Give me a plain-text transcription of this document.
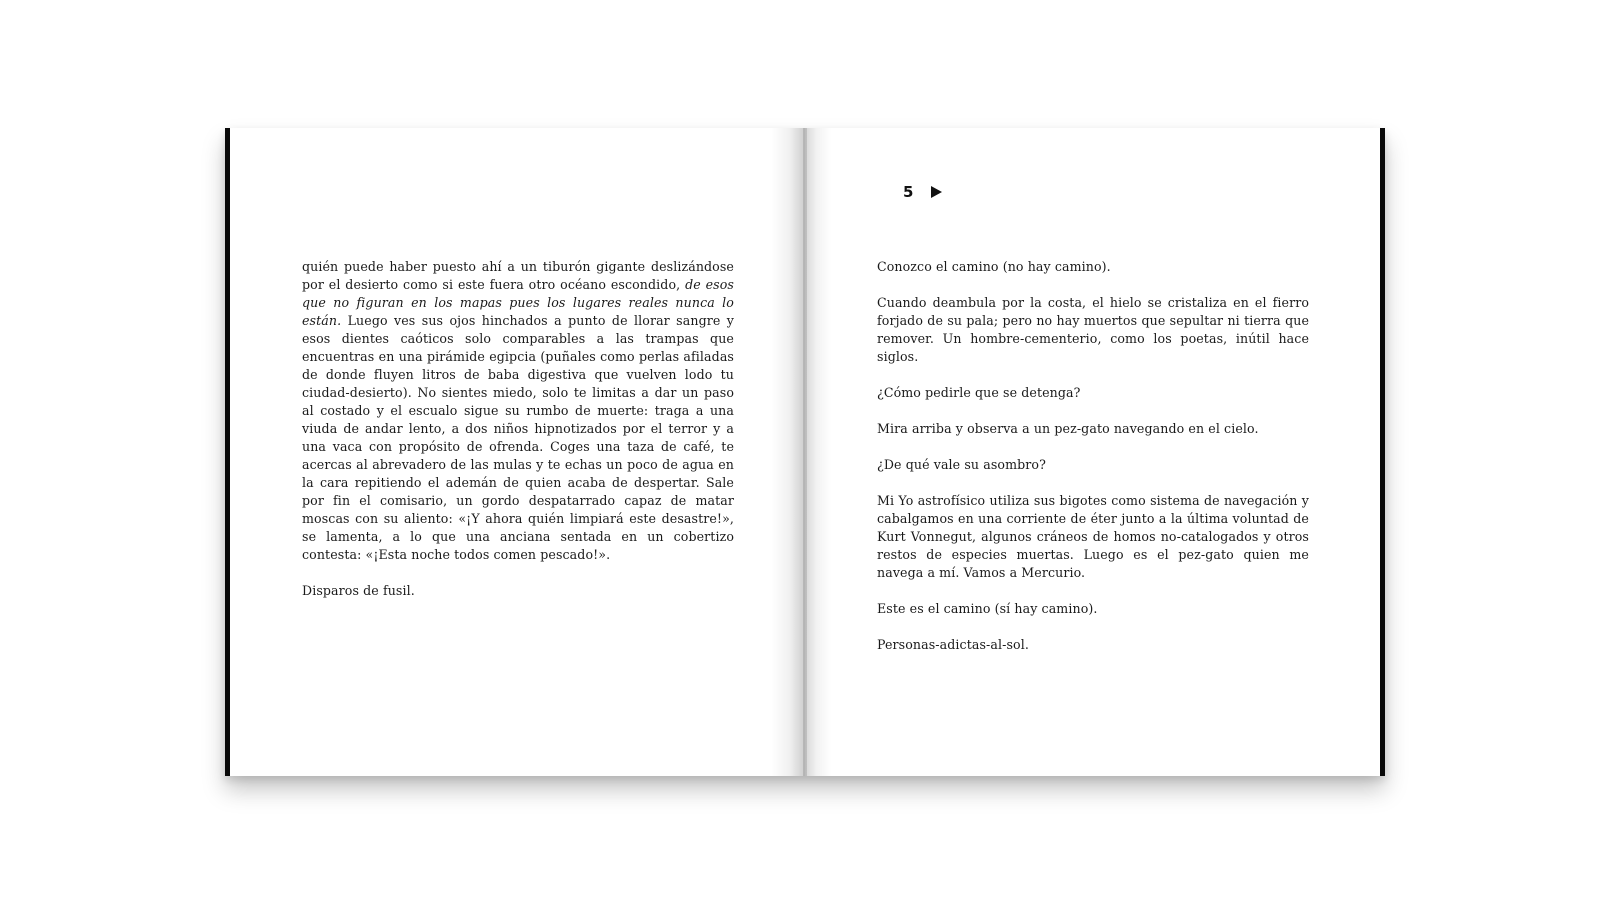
quién puede haber puesto ahí a un tiburón gigante deslizándose por el desierto como si este fuera otro océano escondido, de esos que no figuran en los mapas pues los lugares reales nunca lo están. Luego ves sus ojos hinchados a punto de llorar sangre y esos dientes caóticos solo comparables a las trampas que encuentras en una pirámide egipcia (puñales como perlas afiladas de donde fluyen litros de baba digestiva que vuelven lodo tu ciudad-desierto). No sientes miedo, solo te limitas a dar un paso al costado y el escualo sigue su rumbo de muerte: traga a una viuda de andar lento, a dos niños hipnotizados por el terror y a una vaca con propósito de ofrenda. Coges una taza de café, te acercas al abrevadero de las mulas y te echas un poco de agua en la cara repitiendo el ademán de quien acaba de despertar. Sale por fin el comisario, un gordo despatarrado capaz de matar moscas con su aliento: «¡Y ahora quién limpiará este desastre!», se lamenta, a lo que una anciana sentada en un cobertizo contesta: «¡Esta noche todos comen pescado!».

Disparos de fusil.

5

Conozco el camino (no hay camino).

Cuando deambula por la costa, el hielo se cristaliza en el fierro forjado de su pala; pero no hay muertos que sepultar ni tierra que remover. Un hombre-cementerio, como los poetas, inútil hace siglos.

¿Cómo pedirle que se detenga?

Mira arriba y observa a un pez-gato navegando en el cielo.

¿De qué vale su asombro?

Mi Yo astrofísico utiliza sus bigotes como sistema de navegación y cabalgamos en una corriente de éter junto a la última voluntad de Kurt Vonnegut, algunos cráneos de homos no-catalogados y otros restos de especies muertas. Luego es el pez-gato quien me navega a mí. Vamos a Mercurio.

Este es el camino (sí hay camino).

Personas-adictas-al-sol.
